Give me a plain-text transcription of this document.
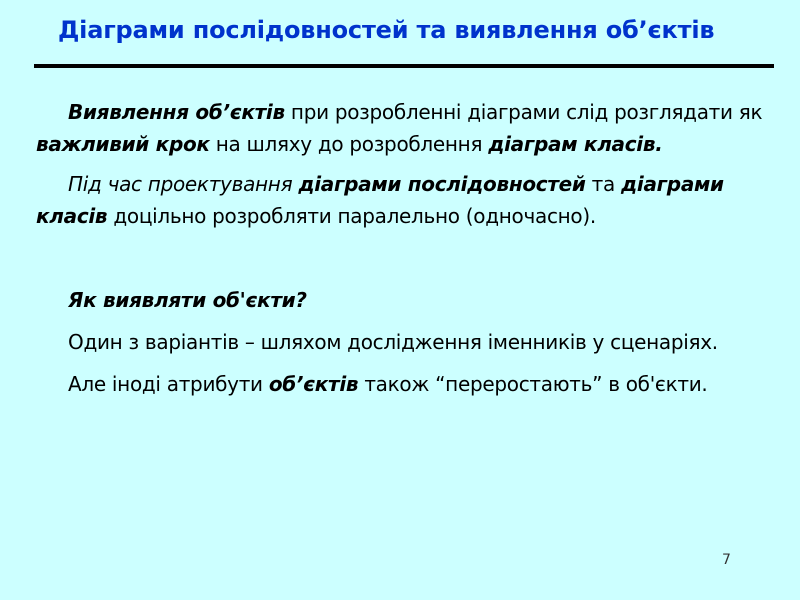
Діаграми послідовностей та виявлення об’єктів

Виявлення об’єктів при розробленні діаграми слід розглядати як важливий крок на шляху до розроблення діаграм класів.

Під час проектування діаграми послідовностей та діаграми класів доцільно розробляти паралельно (одночасно).

Як виявляти об'єкти?

Один з варіантів – шляхом дослідження іменників у сценаріях.

Але іноді атрибути об’єктів також “переростають” в об'єкти.

7
